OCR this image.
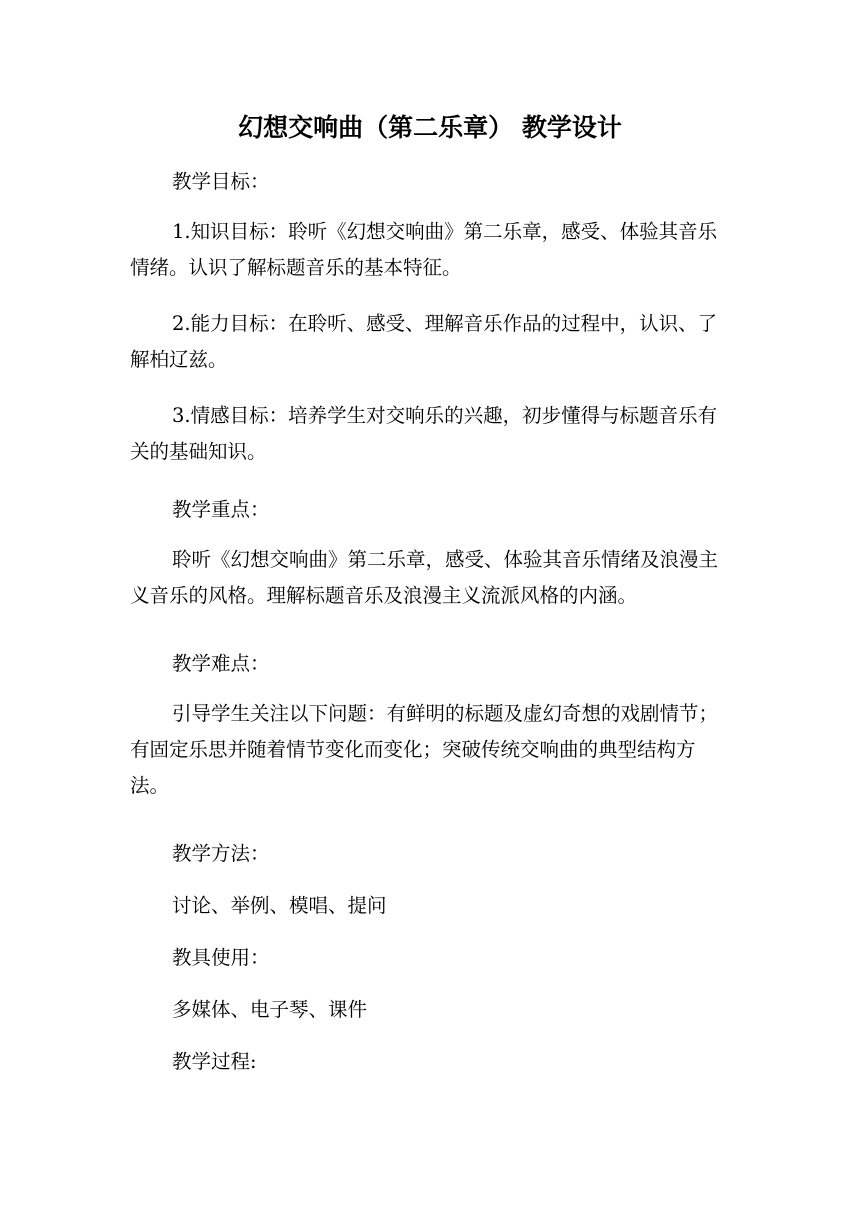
幻想交响曲（第二乐章） 教学设计
教学目标：
1.知识目标：聆听《幻想交响曲》第二乐章，感受、体验其音乐情绪。认识了解标题音乐的基本特征。
2.能力目标：在聆听、感受、理解音乐作品的过程中，认识、了解柏辽兹。
3.情感目标：培养学生对交响乐的兴趣，初步懂得与标题音乐有关的基础知识。
教学重点：
聆听《幻想交响曲》第二乐章，感受、体验其音乐情绪及浪漫主义音乐的风格。理解标题音乐及浪漫主义流派风格的内涵。
教学难点：
引导学生关注以下问题：有鲜明的标题及虚幻奇想的戏剧情节；有固定乐思并随着情节变化而变化；突破传统交响曲的典型结构方法。
教学方法：
讨论、举例、模唱、提问
教具使用：
多媒体、电子琴、课件
教学过程:
